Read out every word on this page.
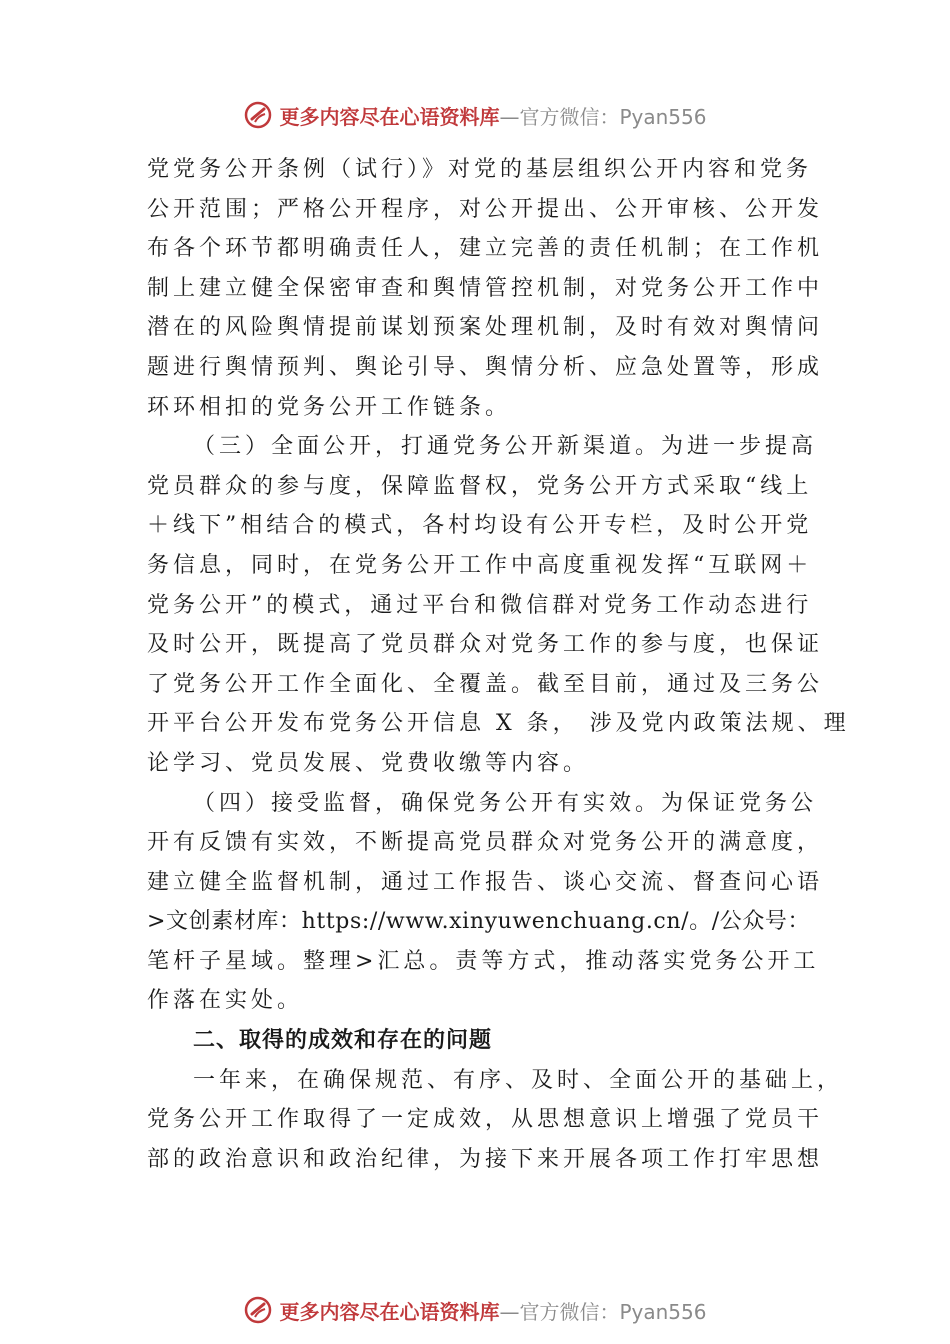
更多内容尽在心语资料库 —官方微信：Pyan556
党党务公开条例（试行）》对党的基层组织公开内容和党务
公开范围；严格公开程序，对公开提出、公开审核、公开发
布各个环节都明确责任人，建立完善的责任机制；在工作机
制上建立健全保密审查和舆情管控机制，对党务公开工作中
潜在的风险舆情提前谋划预案处理机制，及时有效对舆情问
题进行舆情预判、舆论引导、舆情分析、应急处置等，形成
环环相扣的党务公开工作链条。
（三）全面公开，打通党务公开新渠道。为进一步提高
党员群众的参与度，保障监督权，党务公开方式采取“线上
＋线下”相结合的模式，各村均设有公开专栏，及时公开党
务信息，同时，在党务公开工作中高度重视发挥“互联网＋
党务公开”的模式，通过平台和微信群对党务工作动态进行
及时公开，既提高了党员群众对党务工作的参与度，也保证
了党务公开工作全面化、全覆盖。截至目前，通过及三务公
开平台公开发布党务公开信息 X 条， 涉及党内政策法规、理
论学习、党员发展、党费收缴等内容。
（四）接受监督，确保党务公开有实效。为保证党务公
开有反馈有实效，不断提高党员群众对党务公开的满意度，
建立健全监督机制，通过工作报告、谈心交流、督查问心语
>文创素材库：https://www.xinyuwenchuang.cn/。/公众号：
笔杆子星域。整理>汇总。责等方式，推动落实党务公开工
作落在实处。
二、取得的成效和存在的问题
一年来，在确保规范、有序、及时、全面公开的基础上，
党务公开工作取得了一定成效，从思想意识上增强了党员干
部的政治意识和政治纪律，为接下来开展各项工作打牢思想
更多内容尽在心语资料库 —官方微信：Pyan556
